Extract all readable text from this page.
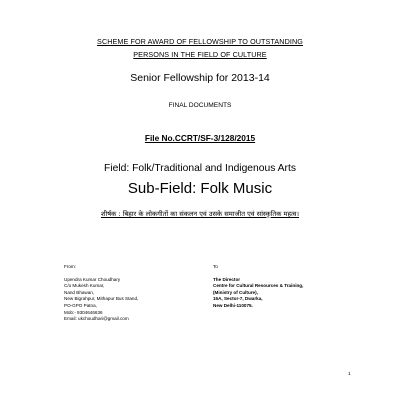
SCHEME FOR AWARD OF FELLOWSHIP TO OUTSTANDING
PERSONS IN THE FIELD OF CULTURE
Senior Fellowship for 2013-14
FINAL DOCUMENTS
File No.CCRT/SF-3/128/2015
Field: Folk/Traditional and Indigenous Arts
Sub-Field: Folk Music
शीर्षक : बिहार के लोकगीतों का संकलन एवं उसके समाजीत एवं सांस्कृतिक महत्व।
From:
Upendra Kumar Choudhary
C/o Mukesh Kumar,
Nand Bhawan,
New Bigrahpur, Mithapur Bus Stand,
PO-GPO Patna,
Mob:- 9304646636
Email: ukchoudhari@gmail.com
To
The Director
Centre for Cultural Resources & Training,
(Ministry of Culture),
15A, Sector-7, Dwarka,
New Delhi-110075.
1
